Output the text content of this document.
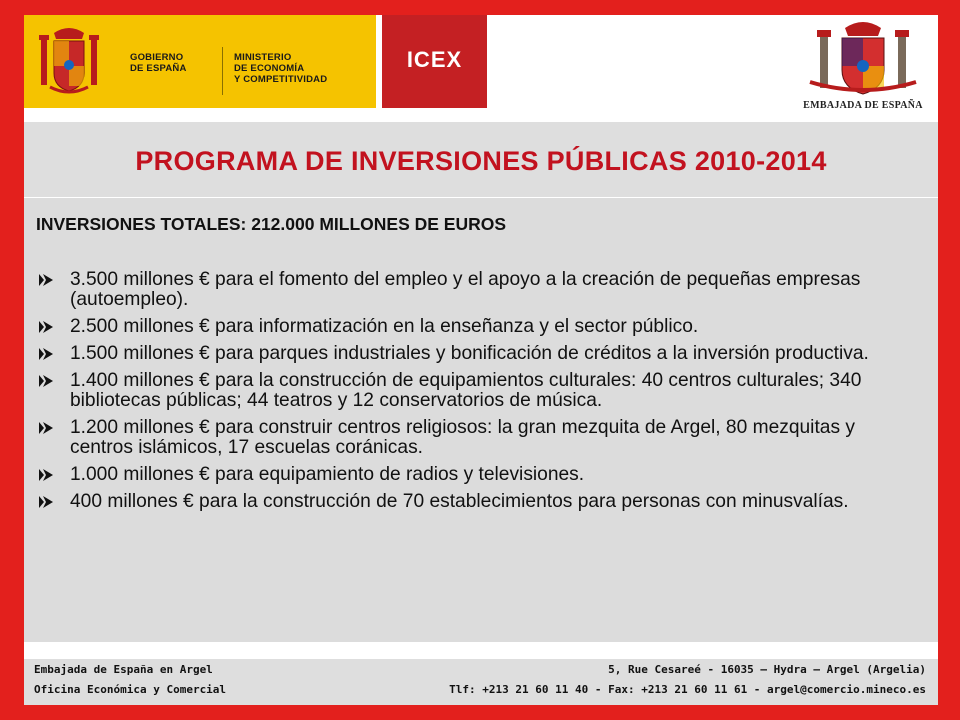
GOBIERNO
DE ESPAÑA
MINISTERIO
DE ECONOMÍA
Y COMPETITIVIDAD
ICEX
EMBAJADA DE ESPAÑA
PROGRAMA DE INVERSIONES PÚBLICAS 2010-2014
INVERSIONES TOTALES: 212.000 MILLONES DE EUROS
3.500 millones € para el fomento del empleo y el apoyo a la creación de pequeñas empresas (autoempleo).
2.500 millones € para informatización en la enseñanza y el sector público.
1.500 millones € para parques industriales y bonificación de créditos a la inversión productiva.
1.400 millones € para la construcción de equipamientos culturales: 40 centros culturales; 340 bibliotecas públicas; 44 teatros y 12 conservatorios de música.
1.200 millones € para construir centros religiosos: la gran mezquita de Argel, 80 mezquitas y centros islámicos, 17 escuelas coránicas.
1.000 millones € para equipamiento de radios y televisiones.
400 millones € para la construcción de 70 establecimientos para personas con minusvalías.
Embajada de España en Argel
Oficina Económica y Comercial
5, Rue Cesareé - 16035 – Hydra – Argel (Argelia)
Tlf: +213 21 60 11 40 - Fax: +213 21 60 11 61 - argel@comercio.mineco.es
